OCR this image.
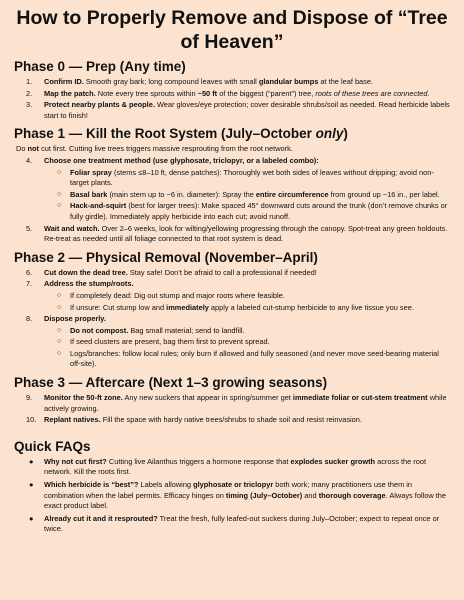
How to Properly Remove and Dispose of “Tree of Heaven”
Phase 0 — Prep (Any time)
1. Confirm ID. Smooth gray bark; long compound leaves with small glandular bumps at the leaf base.
2. Map the patch. Note every tree sprouts within ~50 ft of the biggest (“parent”) tree, roots of these trees are connected.
3. Protect nearby plants & people. Wear gloves/eye protection; cover desirable shrubs/soil as needed. Read herbicide labels start to finish!
Phase 1 — Kill the Root System (July–October only)

Do not cut first. Cutting live trees triggers massive resprouting from the root network.

4. Choose one treatment method (use glyphosate, triclopyr, or a labeled combo):
○ Foliar spray (stems ≤8–10 ft, dense patches): Thoroughly wet both sides of leaves without dripping; avoid non-target plants.
○ Basal bark (main stem up to ~6 in. diameter): Spray the entire circumference from ground up ~16 in., per label.
○ Hack-and-squirt (best for larger trees): Make spaced 45° downward cuts around the trunk (don’t remove chunks or fully girdle). Immediately apply herbicide into each cut; avoid runoff.
5. Wait and watch. Over 2–6 weeks, look for wilting/yellowing progressing through the canopy. Spot-treat any green holdouts. Re-treat as needed until all foliage connected to that root system is dead.
Phase 2 — Physical Removal (November–April)
6. Cut down the dead tree. Stay safe! Don’t be afraid to call a professional if needed!
7. Address the stump/roots.
○ If completely dead: Dig out stump and major roots where feasible.
○ If unsure: Cut stump low and immediately apply a labeled cut-stump herbicide to any live tissue you see.
8. Dispose properly.
○ Do not compost. Bag small material; send to landfill.
○ If seed clusters are present, bag them first to prevent spread.
○ Logs/branches: follow local rules; only burn if allowed and fully seasoned (and never move seed-bearing material off-site).
Phase 3 — Aftercare (Next 1–3 growing seasons)
9. Monitor the 50-ft zone. Any new suckers that appear in spring/summer get immediate foliar or cut-stem treatment while actively growing.
10. Replant natives. Fill the space with hardy native trees/shrubs to shade soil and resist reinvasion.
Quick FAQs
● Why not cut first? Cutting live Ailanthus triggers a hormone response that explodes sucker growth across the root network. Kill the roots first.
● Which herbicide is “best”? Labels allowing glyphosate or triclopyr both work; many practitioners use them in combination when the label permits. Efficacy hinges on timing (July–October) and thorough coverage. Always follow the exact product label.
● Already cut it and it resprouted? Treat the fresh, fully leafed-out suckers during July–October; expect to repeat once or twice.
